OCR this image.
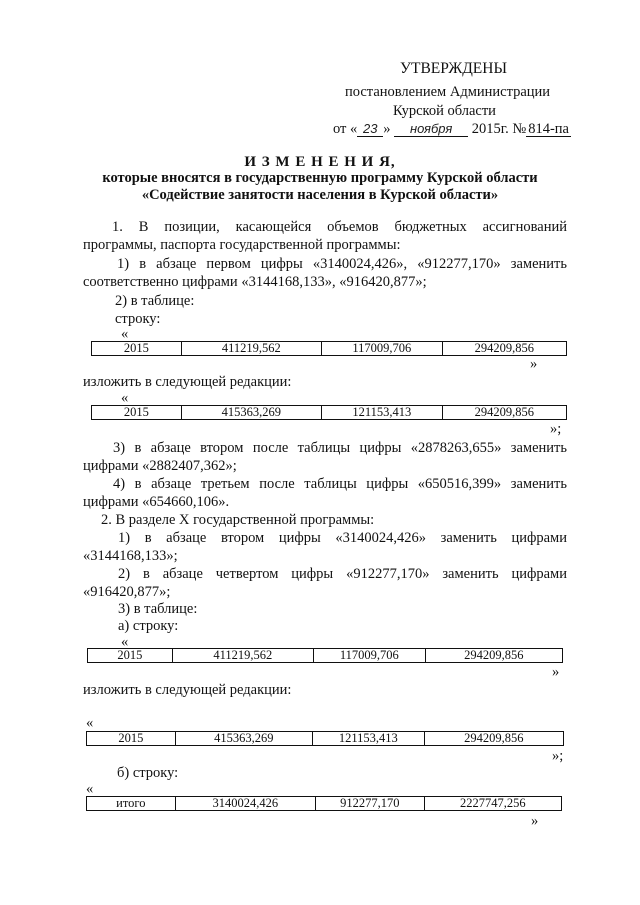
УТВЕРЖДЕНЫ
постановлением Администрации
Курской области
от « 23 » ноября 2015г. № 814-па
И З М Е Н Е Н И Я,
которые вносятся в государственную программу Курской области
«Содействие занятости населения в Курской области»
1. В позиции, касающейся объемов бюджетных ассигнований
программы, паспорта государственной программы:
1) в абзаце первом цифры «3140024,426», «912277,170» заменить
соответственно цифрами «3144168,133», «916420,877»;
2) в таблице:
строку:
«
2015	411219,562	117009,706	294209,856
»
изложить в следующей редакции:
«
2015	415363,269	121153,413	294209,856
»;
3) в абзаце втором после таблицы цифры «2878263,655» заменить
цифрами «2882407,362»;
4) в абзаце третьем после таблицы цифры «650516,399» заменить
цифрами «654660,106».
2. В разделе X государственной программы:
1) в абзаце втором цифры «3140024,426» заменить цифрами
«3144168,133»;
2) в абзаце четвертом цифры «912277,170» заменить цифрами
«916420,877»;
3) в таблице:
а) строку:
«
2015	411219,562	117009,706	294209,856
»
изложить в следующей редакции:
«
2015	415363,269	121153,413	294209,856
»;
б) строку:
«
итого	3140024,426	912277,170	2227747,256
»
